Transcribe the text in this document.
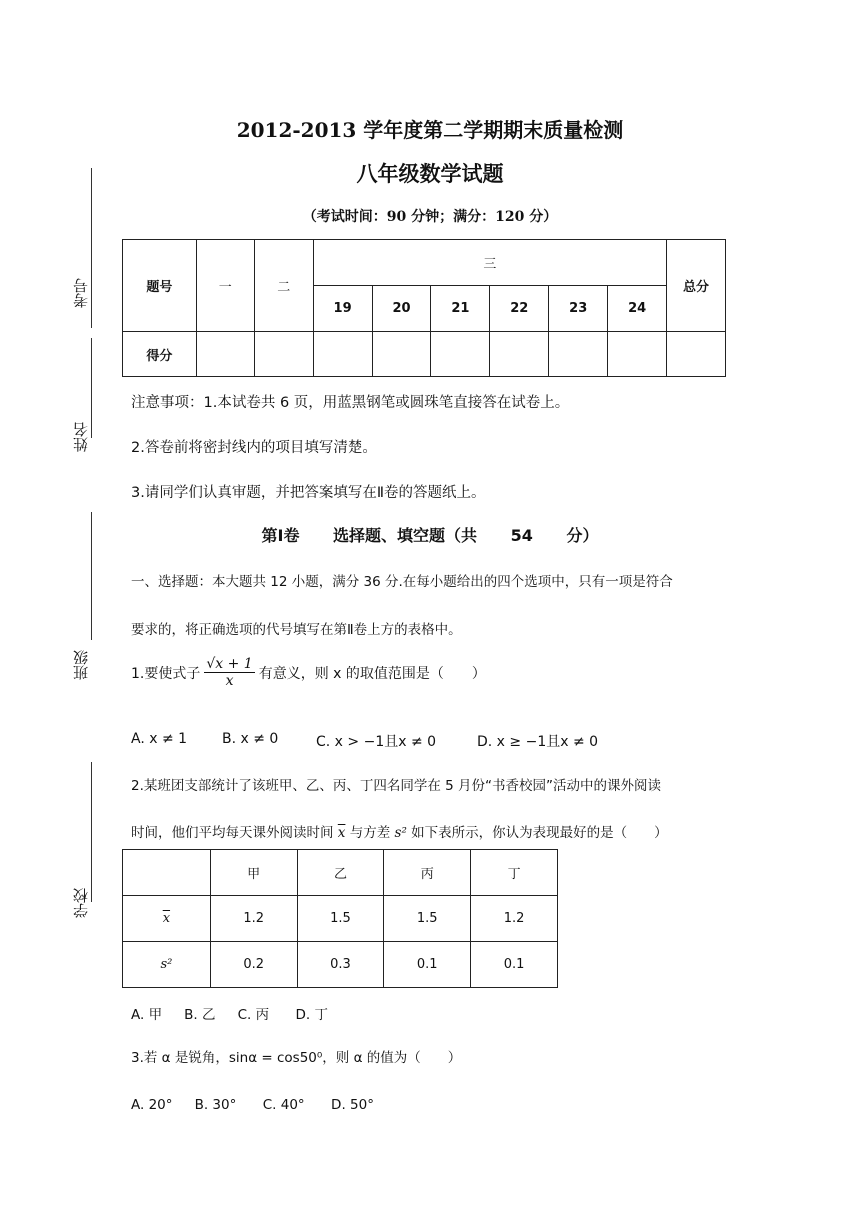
考号
姓名
班级
学校
2012-2013 学年度第二学期期末质量检测
八年级数学试题
（考试时间：90 分钟；满分：120 分）
题号	一	二	三						总分
			19	20	21	22	23	24	
得分									
注意事项：1.本试卷共 6 页，用蓝黑钢笔或圆珠笔直接答在试卷上。
2.答卷前将密封线内的项目填写清楚。
3.请同学们认真审题，并把答案填写在Ⅱ卷的答题纸上。
第Ⅰ卷 选择题、填空题（共 54 分）
一、选择题：本大题共 12 小题，满分 36 分.在每小题给出的四个选项中，只有一项是符合
要求的，将正确选项的代号填写在第Ⅱ卷上方的表格中。
1.要使式子 $\frac{√x + 1}{x}$ 有意义，则 x 的取值范围是（　　）
A. x ≠ 1 B. x ≠ 0	C. x > −1且x ≠ 0	D. x ≥ −1且x ≠ 0
2.某班团支部统计了该班甲、乙、丙、丁四名同学在 5 月份“书香校园”活动中的课外阅读
时间，他们平均每天课外阅读时间 $\overline{x}$ 与方差 s² 如下表所示，你认为表现最好的是（　　）
	甲	乙	丙	丁
$\overline{x}$	1.2	1.5	1.5	1.2
s²	0.2	0.3	0.1	0.1
A. 甲　  B. 乙　  C. 丙　   D. 丁
3.若 α 是锐角，sinα = cos50⁰，则 α 的值为（　　）
A. 20°　  B. 30°　   C. 40°　   D. 50°
